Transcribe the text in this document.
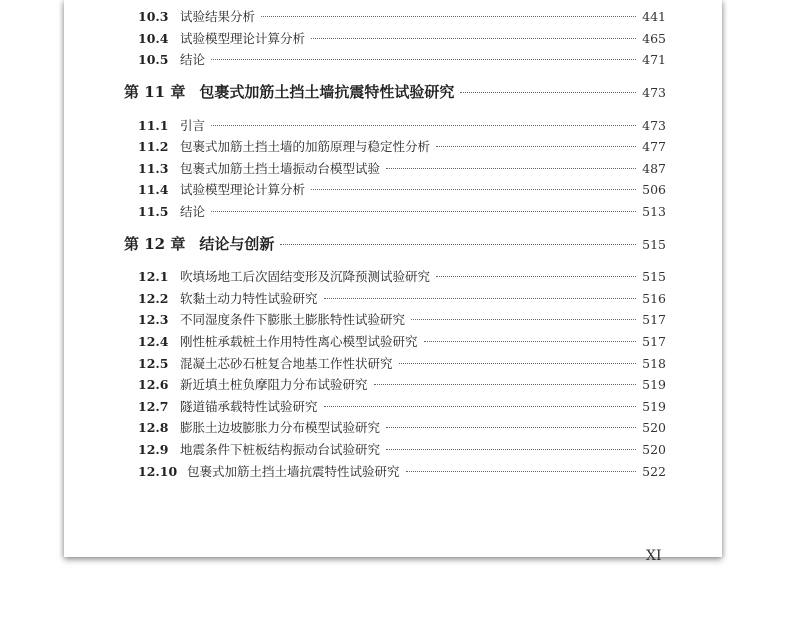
10.3 试验结果分析	441
10.4 试验模型理论计算分析	465
10.5 结论	471
第 11 章 包裹式加筋土挡土墙抗震特性试验研究	473
11.1 引言	473
11.2 包裹式加筋土挡土墙的加筋原理与稳定性分析	477
11.3 包裹式加筋土挡土墙振动台模型试验	487
11.4 试验模型理论计算分析	506
11.5 结论	513
第 12 章 结论与创新	515
12.1 吹填场地工后次固结变形及沉降预测试验研究	515
12.2 软黏土动力特性试验研究	516
12.3 不同湿度条件下膨胀土膨胀特性试验研究	517
12.4 刚性桩承载桩土作用特性离心模型试验研究	517
12.5 混凝土芯砂石桩复合地基工作性状研究	518
12.6 新近填土桩负摩阻力分布试验研究	519
12.7 隧道锚承载特性试验研究	519
12.8 膨胀土边坡膨胀力分布模型试验研究	520
12.9 地震条件下桩板结构振动台试验研究	520
12.10 包裹式加筋土挡土墙抗震特性试验研究	522
XI
